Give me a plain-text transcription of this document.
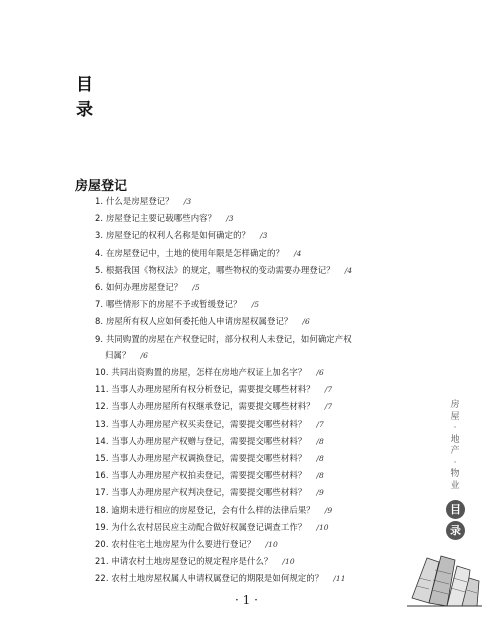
目
录
房屋登记
1. 什么是房屋登记？ /3
2. 房屋登记主要记载哪些内容？ /3
3. 房屋登记的权利人名称是如何确定的？ /3
4. 在房屋登记中，土地的使用年限是怎样确定的？ /4
5. 根据我国《物权法》的规定，哪些物权的变动需要办理登记？ /4
6. 如何办理房屋登记？ /5
7. 哪些情形下的房屋不予或暂缓登记？ /5
8. 房屋所有权人应如何委托他人申请房屋权属登记？ /6
9. 共同购置的房屋在产权登记时，部分权利人未登记，如何确定产权
归属？ /6
10. 共同出资购置的房屋，怎样在房地产权证上加名字？ /6
11. 当事人办理房屋所有权分析登记，需要提交哪些材料？ /7
12. 当事人办理房屋所有权继承登记，需要提交哪些材料？ /7
13. 当事人办理房屋产权买卖登记，需要提交哪些材料？ /7
14. 当事人办理房屋产权赠与登记，需要提交哪些材料？ /8
15. 当事人办理房屋产权调换登记，需要提交哪些材料？ /8
16. 当事人办理房屋产权拍卖登记，需要提交哪些材料？ /8
17. 当事人办理房屋产权判决登记，需要提交哪些材料？ /9
18. 逾期未进行相应的房屋登记，会有什么样的法律后果？ /9
19. 为什么农村居民应主动配合做好权属登记调查工作？ /10
20. 农村住宅土地房屋为什么要进行登记？ /10
21. 申请农村土地房屋登记的规定程序是什么？ /10
22. 农村土地房屋权属人申请权属登记的期限是如何规定的？ /11
· 1 ·
房屋·地产·物业
目
录
